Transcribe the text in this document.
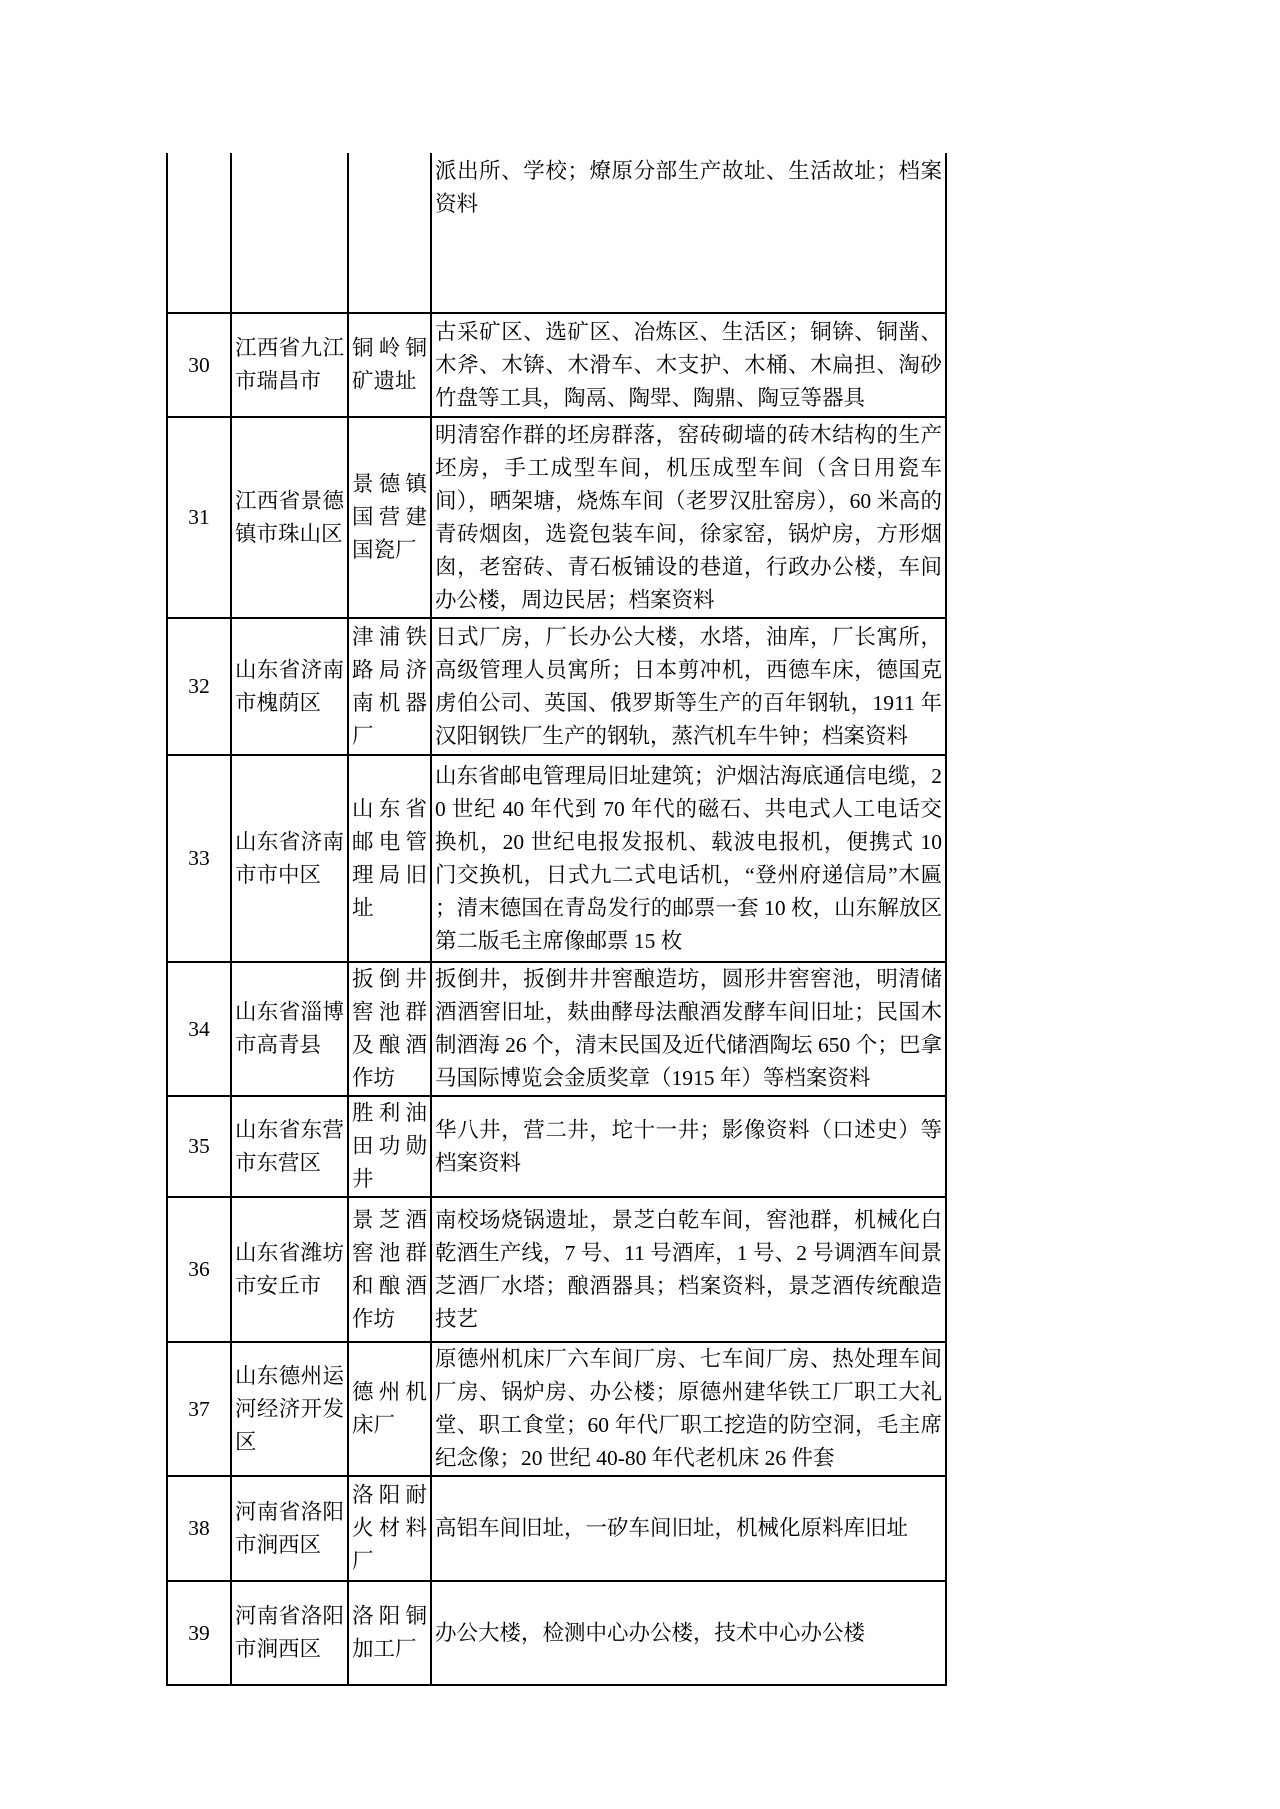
			派出所、学校；燎原分部生产故址、生活故址；档案资料
30	江西省九江市瑞昌市	铜岭铜矿遗址	古采矿区、选矿区、冶炼区、生活区；铜锛、铜凿、木斧、木锛、木滑车、木支护、木桶、木扁担、淘砂竹盘等工具，陶鬲、陶斝、陶鼎、陶豆等器具
31	江西省景德镇市珠山区	景德镇国营建国瓷厂	明清窑作群的坯房群落，窑砖砌墙的砖木结构的生产坯房，手工成型车间，机压成型车间（含日用瓷车间），晒架塘，烧炼车间（老罗汉肚窑房），60 米高的青砖烟囱，选瓷包装车间，徐家窑，锅炉房，方形烟囱，老窑砖、青石板铺设的巷道，行政办公楼，车间办公楼，周边民居；档案资料
32	山东省济南市槐荫区	津浦铁路局济南机器厂	日式厂房，厂长办公大楼，水塔，油库，厂长寓所，高级管理人员寓所；日本剪冲机，西德车床，德国克虏伯公司、英国、俄罗斯等生产的百年钢轨，1911 年汉阳钢铁厂生产的钢轨，蒸汽机车牛钟；档案资料
33	山东省济南市市中区	山东省邮电管理局旧址	山东省邮电管理局旧址建筑；沪烟沽海底通信电缆，20 世纪 40 年代到 70 年代的磁石、共电式人工电话交换机，20 世纪电报发报机、载波电报机，便携式 10 门交换机，日式九二式电话机，“登州府递信局”木匾 ；清末德国在青岛发行的邮票一套 10 枚，山东解放区第二版毛主席像邮票 15 枚
34	山东省淄博市高青县	扳倒井窖池群及酿酒作坊	扳倒井，扳倒井井窖酿造坊，圆形井窖窖池，明清储酒酒窖旧址，麸曲酵母法酿酒发酵车间旧址；民国木制酒海 26 个，清末民国及近代储酒陶坛 650 个；巴拿马国际博览会金质奖章（1915 年）等档案资料
35	山东省东营市东营区	胜利油田功勋井	华八井，营二井，坨十一井；影像资料（口述史）等档案资料
36	山东省潍坊市安丘市	景芝酒窖池群和酿酒作坊	南校场烧锅遗址，景芝白乾车间，窖池群，机械化白乾酒生产线，7 号、11 号酒库，1 号、2 号调酒车间景芝酒厂水塔；酿酒器具；档案资料，景芝酒传统酿造技艺
37	山东德州运河经济开发区	德州机床厂	原德州机床厂六车间厂房、七车间厂房、热处理车间厂房、锅炉房、办公楼；原德州建华铁工厂职工大礼堂、职工食堂；60 年代厂职工挖造的防空洞，毛主席纪念像；20 世纪 40-80 年代老机床 26 件套
38	河南省洛阳市涧西区	洛阳耐火材料厂	高铝车间旧址，一矽车间旧址，机械化原料库旧址
39	河南省洛阳市涧西区	洛阳铜加工厂	办公大楼，检测中心办公楼，技术中心办公楼
